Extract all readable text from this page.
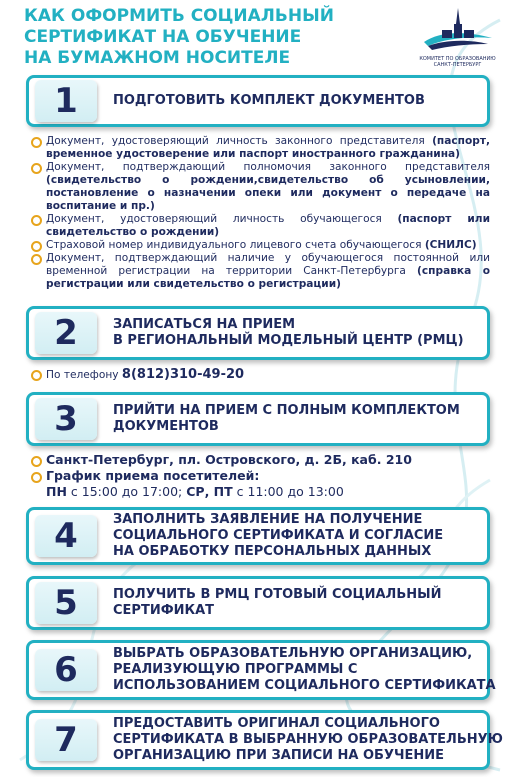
КАК ОФОРМИТЬ СОЦИАЛЬНЫЙ
СЕРТИФИКАТ НА ОБУЧЕНИЕ
НА БУМАЖНОМ НОСИТЕЛЕ	КОМИТЕТ ПО ОБРАЗОВАНИЮ
САНКТ-ПЕТЕРБУРГ
1	ПОДГОТОВИТЬ КОМПЛЕКТ ДОКУМЕНТОВ
Документ, удостоверяющий личность законного представителя (паспорт, временное удостоверение или паспорт иностранного гражданина)
Документ, подтверждающий полномочия законного представителя (свидетельство о рождении,свидетельство об усыновлении, постановление о назначении опеки или документ о передаче на воспитание и пр.)
Документ, удостоверяющий личность обучающегося (паспорт или свидетельство о рождении)
Страховой номер индивидуального лицевого счета обучающегося (СНИЛС)
Документ, подтверждающий наличие у обучающегося постоянной или временной регистрации на территории Санкт-Петербурга (справка о регистрации или свидетельство о регистрации)
2	ЗАПИСАТЬСЯ НА ПРИЕМ
В РЕГИОНАЛЬНЫЙ МОДЕЛЬНЫЙ ЦЕНТР (РМЦ)
По телефону 8(812)310-49-20
3	ПРИЙТИ НА ПРИЕМ С ПОЛНЫМ КОМПЛЕКТОМ
ДОКУМЕНТОВ
Санкт-Петербург, пл. Островского, д. 2Б, каб. 210
График приема посетителей:
ПН с 15:00 до 17:00; СР, ПТ с 11:00 до 13:00
4	ЗАПОЛНИТЬ ЗАЯВЛЕНИЕ НА ПОЛУЧЕНИЕ
СОЦИАЛЬНОГО СЕРТИФИКАТА И СОГЛАСИЕ
НА ОБРАБОТКУ ПЕРСОНАЛЬНЫХ ДАННЫХ
5	ПОЛУЧИТЬ В РМЦ ГОТОВЫЙ СОЦИАЛЬНЫЙ
СЕРТИФИКАТ
6	ВЫБРАТЬ ОБРАЗОВАТЕЛЬНУЮ ОРГАНИЗАЦИЮ,
РЕАЛИЗУЮЩУЮ ПРОГРАММЫ С
ИСПОЛЬЗОВАНИЕМ СОЦИАЛЬНОГО СЕРТИФИКАТА
7	ПРЕДОСТАВИТЬ ОРИГИНАЛ СОЦИАЛЬНОГО
СЕРТИФИКАТА В ВЫБРАННУЮ ОБРАЗОВАТЕЛЬНУЮ
ОРГАНИЗАЦИЮ ПРИ ЗАПИСИ НА ОБУЧЕНИЕ
